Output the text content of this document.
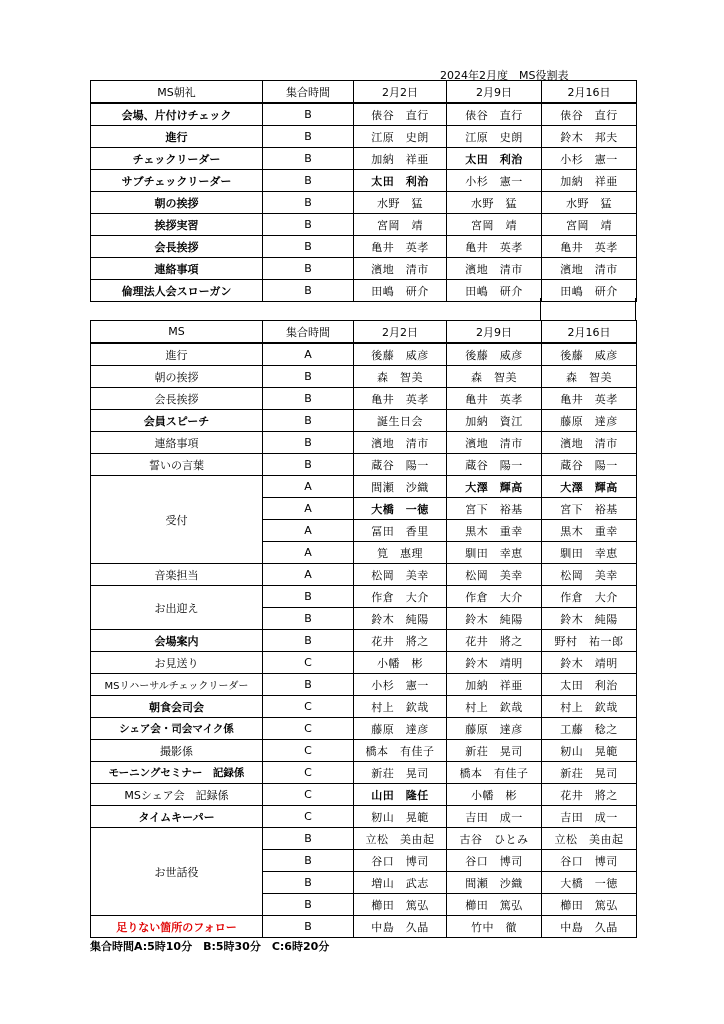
2024年2月度　MS役割表
MS朝礼	集合時間	2月2日	2月9日	2月16日
会場、片付けチェック	B	俵谷　直行	俵谷　直行	俵谷　直行
進行	B	江原　史朗	江原　史朗	鈴木　邦夫
チェックリーダー	B	加納　祥亜	太田　利治	小杉　憲一
サブチェックリーダー	B	太田　利治	小杉　憲一	加納　祥亜
朝の挨拶	B	水野　猛	水野　猛	水野　猛
挨拶実習	B	宮岡　靖	宮岡　靖	宮岡　靖
会長挨拶	B	亀井　英孝	亀井　英孝	亀井　英孝
連絡事項	B	濱地　清市	濱地　清市	濱地　清市
倫理法人会スローガン	B	田嶋　研介	田嶋　研介	田嶋　研介
MS	集合時間	2月2日	2月9日	2月16日
進行	A	後藤　威彦	後藤　威彦	後藤　威彦
朝の挨拶	B	森　智美	森　智美	森　智美
会長挨拶	B	亀井　英孝	亀井　英孝	亀井　英孝
会員スピーチ	B	誕生日会	加納　資江	藤原　達彦
連絡事項	B	濱地　清市	濱地　清市	濱地　清市
誓いの言葉	B	蔵谷　陽一	蔵谷　陽一	蔵谷　陽一
受付	A	間瀬　沙織	大澤　輝高	大澤　輝高
	A	大橋　一徳	宮下　裕基	宮下　裕基
	A	冨田　香里	黒木　重幸	黒木　重幸
	A	筧　惠理	馴田　幸恵	馴田　幸恵
音楽担当	A	松岡　美幸	松岡　美幸	松岡　美幸
お出迎え	B	作倉　大介	作倉　大介	作倉　大介
	B	鈴木　純陽	鈴木　純陽	鈴木　純陽
会場案内	B	花井　將之	花井　將之	野村　祐一郎
お見送り	C	小幡　彬	鈴木　靖明	鈴木　靖明
MSリハーサルチェックリーダー	B	小杉　憲一	加納　祥亜	太田　利治
朝食会司会	C	村上　欽哉	村上　欽哉	村上　欽哉
シェア会・司会マイク係	C	藤原　達彦	藤原　達彦	工藤　稔之
撮影係	C	橋本　有佳子	新荘　晃司	籾山　晃範
モーニングセミナー　記録係	C	新荘　晃司	橋本　有佳子	新荘　晃司
MSシェア会　記録係	C	山田　隆任	小幡　彬	花井　將之
タイムキーパー	C	籾山　晃範	吉田　成一	吉田　成一
お世話役	B	立松　美由起	古谷　ひとみ	立松　美由起
	B	谷口　博司	谷口　博司	谷口　博司
	B	増山　武志	間瀬　沙織	大橋　一徳
	B	櫛田　篤弘	櫛田　篤弘	櫛田　篤弘
足りない箇所のフォロー	B	中島　久晶	竹中　徹	中島　久晶
集合時間A:5時10分　B:5時30分　C:6時20分
